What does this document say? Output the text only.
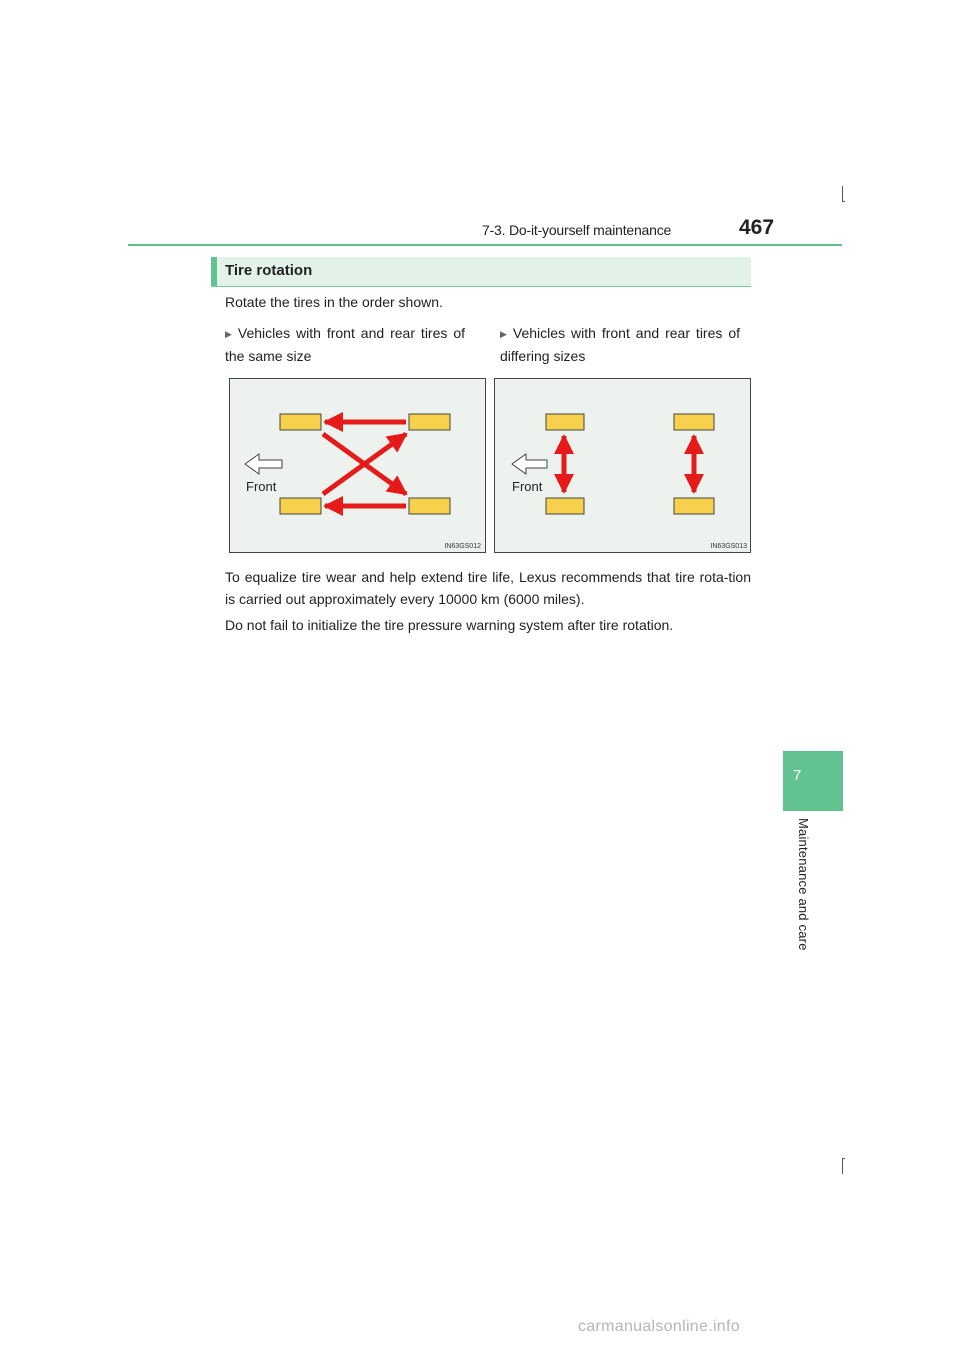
7-3. Do-it-yourself maintenance	467
7
Maintenance and care
Tire rotation
Rotate the tires in the order shown.
▶ Vehicles with front and rear tires of the same size
▶ Vehicles with front and rear tires of differing sizes
Front
IN63GS012
Front
IN63GS013
To equalize tire wear and help extend tire life, Lexus recommends that tire rota-tion is carried out approximately every 10000 km (6000 miles).
Do not fail to initialize the tire pressure warning system after tire rotation.
carmanualsonline.info
